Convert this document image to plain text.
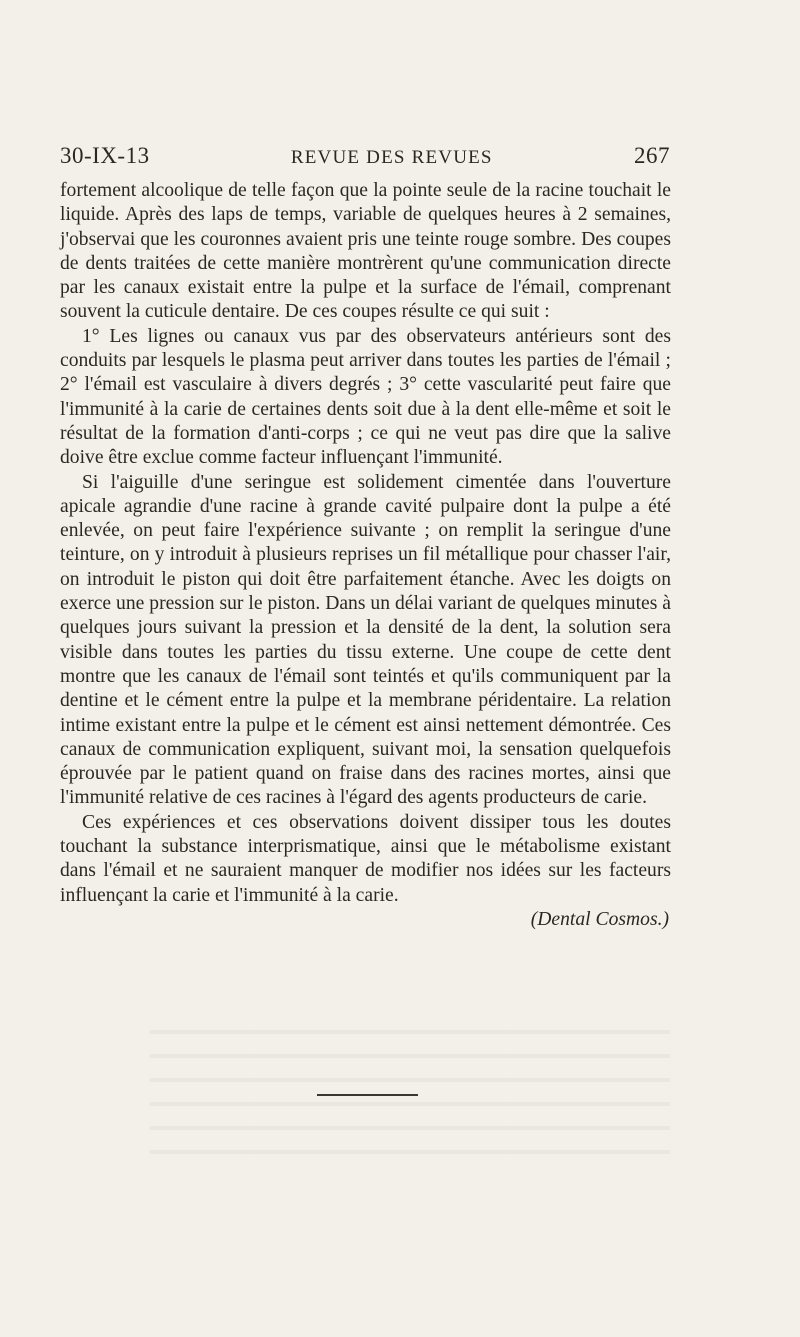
30-IX-13	REVUE DES REVUES	267

fortement alcoolique de telle façon que la pointe seule de la racine touchait le liquide. Après des laps de temps, variable de quelques heures à 2 semaines, j'observai que les couronnes avaient pris une teinte rouge sombre. Des coupes de dents traitées de cette manière montrèrent qu'une communication directe par les canaux existait entre la pulpe et la surface de l'émail, comprenant souvent la cuticule dentaire. De ces coupes résulte ce qui suit :

1° Les lignes ou canaux vus par des observateurs antérieurs sont des conduits par lesquels le plasma peut arriver dans toutes les parties de l'émail ; 2° l'émail est vasculaire à divers degrés ; 3° cette vascularité peut faire que l'immunité à la carie de certaines dents soit due à la dent elle-même et soit le résultat de la formation d'anti-corps ; ce qui ne veut pas dire que la salive doive être exclue comme facteur influençant l'immunité.

Si l'aiguille d'une seringue est solidement cimentée dans l'ouverture apicale agrandie d'une racine à grande cavité pulpaire dont la pulpe a été enlevée, on peut faire l'expérience suivante ; on remplit la seringue d'une teinture, on y introduit à plusieurs reprises un fil métallique pour chasser l'air, on introduit le piston qui doit être parfaitement étanche. Avec les doigts on exerce une pression sur le piston. Dans un délai variant de quelques minutes à quelques jours suivant la pression et la densité de la dent, la solution sera visible dans toutes les parties du tissu externe. Une coupe de cette dent montre que les canaux de l'émail sont teintés et qu'ils communiquent par la dentine et le cément entre la pulpe et la membrane péridentaire. La relation intime existant entre la pulpe et le cément est ainsi nettement démontrée. Ces canaux de communication expliquent, suivant moi, la sensation quelquefois éprouvée par le patient quand on fraise dans des racines mortes, ainsi que l'immunité relative de ces racines à l'égard des agents producteurs de carie.

Ces expériences et ces observations doivent dissiper tous les doutes touchant la substance interprismatique, ainsi que le métabolisme existant dans l'émail et ne sauraient manquer de modifier nos idées sur les facteurs influençant la carie et l'immunité à la carie.

(Dental Cosmos.)
